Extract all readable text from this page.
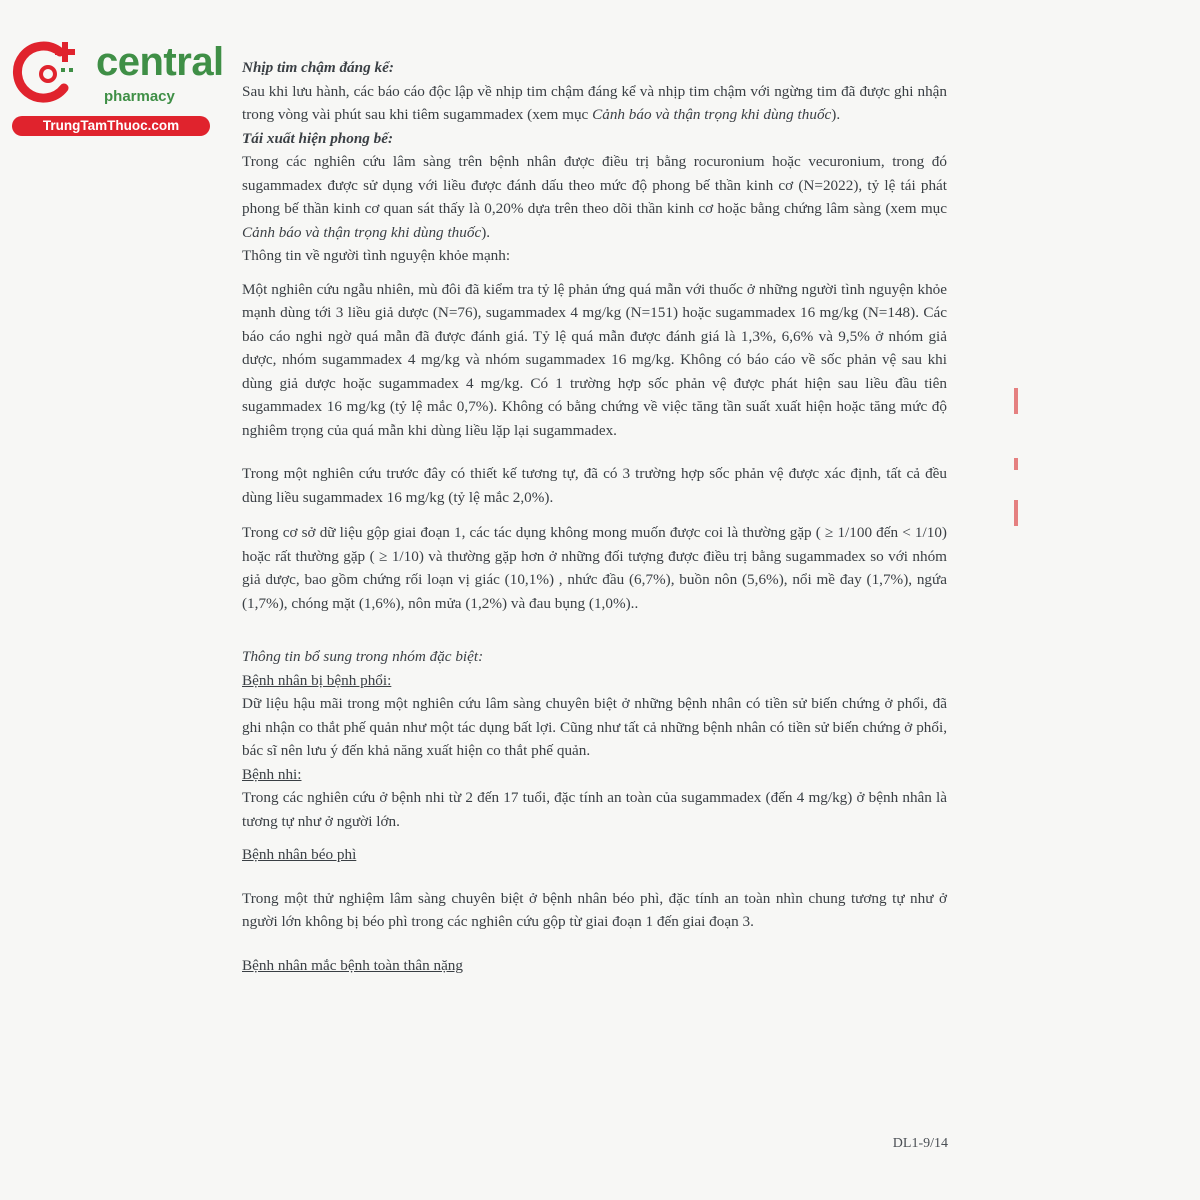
central
pharmacy
TrungTamThuoc.com

Nhịp tim chậm đáng kể:

Sau khi lưu hành, các báo cáo độc lập về nhịp tim chậm đáng kể và nhịp tim chậm với ngừng tim đã được ghi nhận trong vòng vài phút sau khi tiêm sugammadex (xem mục Cảnh báo và thận trọng khi dùng thuốc).

Tái xuất hiện phong bế:

Trong các nghiên cứu lâm sàng trên bệnh nhân được điều trị bằng rocuronium hoặc vecuronium, trong đó sugammadex được sử dụng với liều được đánh dấu theo mức độ phong bế thần kinh cơ (N=2022), tỷ lệ tái phát phong bế thần kinh cơ quan sát thấy là 0,20% dựa trên theo dõi thần kinh cơ hoặc bằng chứng lâm sàng (xem mục Cảnh báo và thận trọng khi dùng thuốc).

Thông tin về người tình nguyện khỏe mạnh:

Một nghiên cứu ngẫu nhiên, mù đôi đã kiểm tra tỷ lệ phản ứng quá mẫn với thuốc ở những người tình nguyện khỏe mạnh dùng tới 3 liều giả dược (N=76), sugammadex 4 mg/kg (N=151) hoặc sugammadex 16 mg/kg (N=148). Các báo cáo nghi ngờ quá mẫn đã được đánh giá. Tỷ lệ quá mẫn được đánh giá là 1,3%, 6,6% và 9,5% ở nhóm giả dược, nhóm sugammadex 4 mg/kg và nhóm sugammadex 16 mg/kg. Không có báo cáo về sốc phản vệ sau khi dùng giả dược hoặc sugammadex 4 mg/kg. Có 1 trường hợp sốc phản vệ được phát hiện sau liều đầu tiên sugammadex 16 mg/kg (tỷ lệ mắc 0,7%). Không có bằng chứng về việc tăng tần suất xuất hiện hoặc tăng mức độ nghiêm trọng của quá mẫn khi dùng liều lặp lại sugammadex.

Trong một nghiên cứu trước đây có thiết kế tương tự, đã có 3 trường hợp sốc phản vệ được xác định, tất cả đều dùng liều sugammadex 16 mg/kg (tỷ lệ mắc 2,0%).

Trong cơ sở dữ liệu gộp giai đoạn 1, các tác dụng không mong muốn được coi là thường gặp ( ≥ 1/100 đến < 1/10) hoặc rất thường gặp ( ≥ 1/10) và thường gặp hơn ở những đối tượng được điều trị bằng sugammadex so với nhóm giả dược, bao gồm chứng rối loạn vị giác (10,1%) , nhức đầu (6,7%), buồn nôn (5,6%), nổi mề đay (1,7%), ngứa (1,7%), chóng mặt (1,6%), nôn mửa (1,2%) và đau bụng (1,0%)..

Thông tin bổ sung trong nhóm đặc biệt:

Bệnh nhân bị bệnh phổi:

Dữ liệu hậu mãi trong một nghiên cứu lâm sàng chuyên biệt ở những bệnh nhân có tiền sử biến chứng ở phổi, đã ghi nhận co thắt phế quản như một tác dụng bất lợi. Cũng như tất cả những bệnh nhân có tiền sử biến chứng ở phổi, bác sĩ nên lưu ý đến khả năng xuất hiện co thắt phế quản.

Bệnh nhi:

Trong các nghiên cứu ở bệnh nhi từ 2 đến 17 tuổi, đặc tính an toàn của sugammadex (đến 4 mg/kg) ở bệnh nhân là tương tự như ở người lớn.

Bệnh nhân béo phì

Trong một thử nghiệm lâm sàng chuyên biệt ở bệnh nhân béo phì, đặc tính an toàn nhìn chung tương tự như ở người lớn không bị béo phì trong các nghiên cứu gộp từ giai đoạn 1 đến giai đoạn 3.

Bệnh nhân mắc bệnh toàn thân nặng

DL1-9/14
